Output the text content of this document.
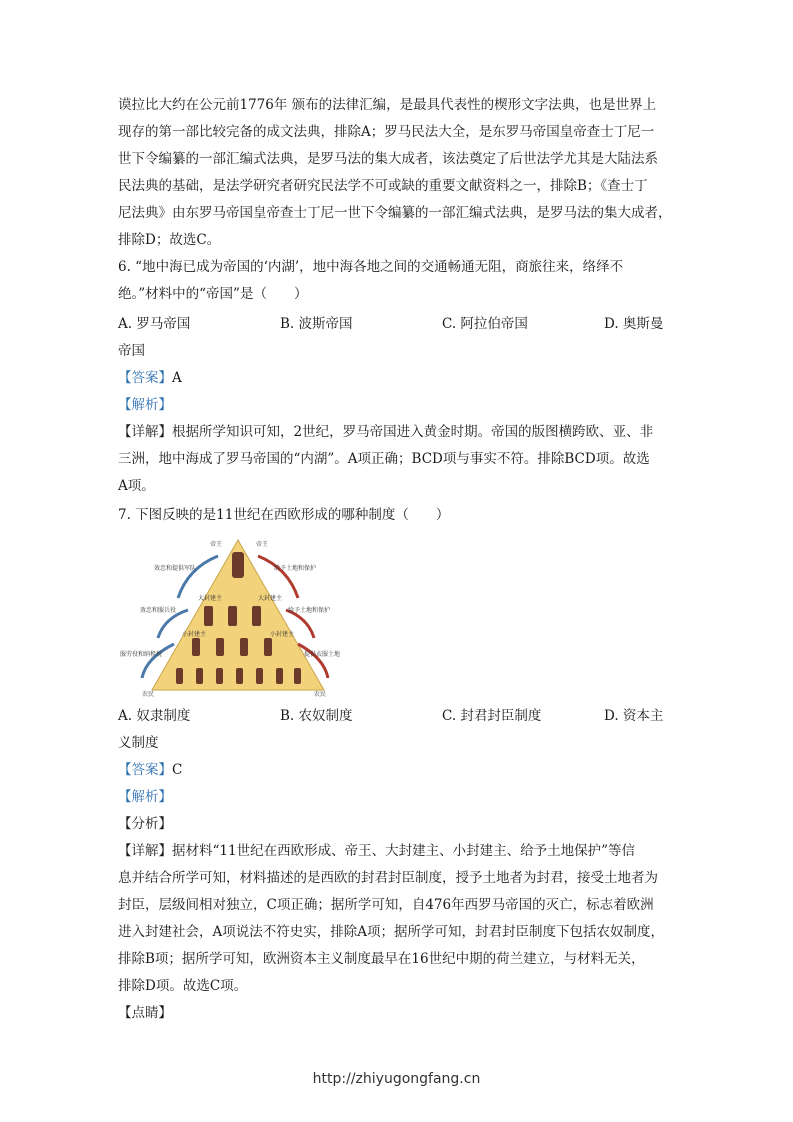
谟拉比大约在公元前1776年 颁布的法律汇编，是最具代表性的楔形文字法典，也是世界上
现存的第一部比较完备的成文法典，排除A；罗马民法大全，是东罗马帝国皇帝查士丁尼一
世下令编纂的一部汇编式法典，是罗马法的集大成者，该法奠定了后世法学尤其是大陆法系
民法典的基础，是法学研究者研究民法学不可或缺的重要文献资料之一，排除B；《查士丁
尼法典》由东罗马帝国皇帝查士丁尼一世下令编纂的一部汇编式法典，是罗马法的集大成者，
排除D；故选C。
6. “地中海已成为帝国的‘内湖’，地中海各地之间的交通畅通无阻，商旅往来，络绎不
绝。”材料中的“帝国”是（　　）
A. 罗马帝国	B. 波斯帝国	C. 阿拉伯帝国	D. 奥斯曼
帝国
【答案】A
【解析】
【详解】根据所学知识可知，2世纪，罗马帝国进入黄金时期。帝国的版图横跨欧、亚、非
三洲，地中海成了罗马帝国的“内湖”。A项正确；BCD项与事实不符。排除BCD项。故选
A项。
7. 下图反映的是11世纪在西欧形成的哪种制度（　　）
帝王	帝王
效忠和提供军队	给予土地和保护
大封建主	大封建主
效忠和服兵役	给予土地和保护
小封建主	小封建主
服劳役和纳租税	提供衣服土地
农民	农民
A. 奴隶制度	B. 农奴制度	C. 封君封臣制度	D. 资本主
义制度
【答案】C
【解析】
【分析】
【详解】据材料“11世纪在西欧形成、帝王、大封建主、小封建主、给予土地保护”等信
息并结合所学可知，材料描述的是西欧的封君封臣制度，授予土地者为封君，接受土地者为
封臣，层级间相对独立，C项正确；据所学可知，自476年西罗马帝国的灭亡，标志着欧洲
进入封建社会，A项说法不符史实，排除A项；据所学可知，封君封臣制度下包括农奴制度，
排除B项；据所学可知，欧洲资本主义制度最早在16世纪中期的荷兰建立，与材料无关，
排除D项。故选C项。
【点睛】
http://zhiyugongfang.cn
